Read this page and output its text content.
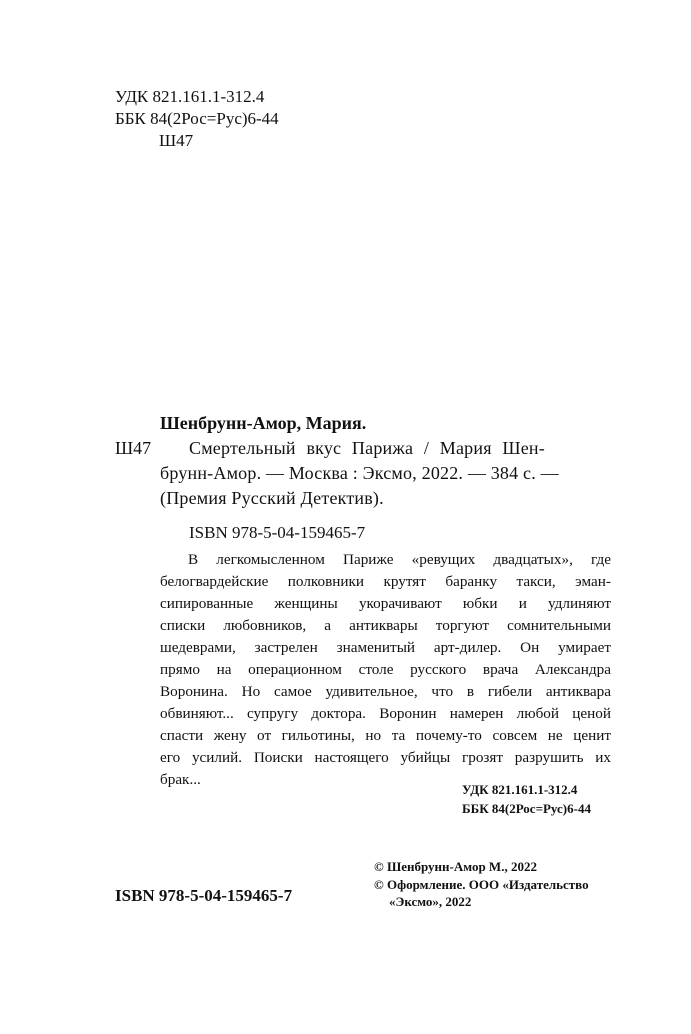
УДК 821.161.1-312.4
ББК 84(2Рос=Рус)6-44
Ш47
Шенбрунн-Амор, Мария.
Ш47 Смертельный вкус Парижа / Мария Шен-
брунн-Амор. — Москва : Эксмо, 2022. — 384 с. —
(Премия Русский Детектив).
ISBN 978-5-04-159465-7
В легкомысленном Париже «ревущих двадцатых», где
белогвардейские полковники крутят баранку такси, эман-
сипированные женщины укорачивают юбки и удлиняют
списки любовников, а антиквары торгуют сомнительными
шедеврами, застрелен знаменитый арт-дилер. Он умирает
прямо на операционном столе русского врача Александра
Воронина. Но самое удивительное, что в гибели антиквара
обвиняют... супругу доктора. Воронин намерен любой ценой
спасти жену от гильотины, но та почему-то совсем не ценит
его усилий. Поиски настоящего убийцы грозят разрушить их
брак...
УДК 821.161.1-312.4
ББК 84(2Рос=Рус)6-44
ISBN 978-5-04-159465-7
© Шенбрунн-Амор М., 2022
© Оформление. ООО «Издательство
«Эксмо», 2022
